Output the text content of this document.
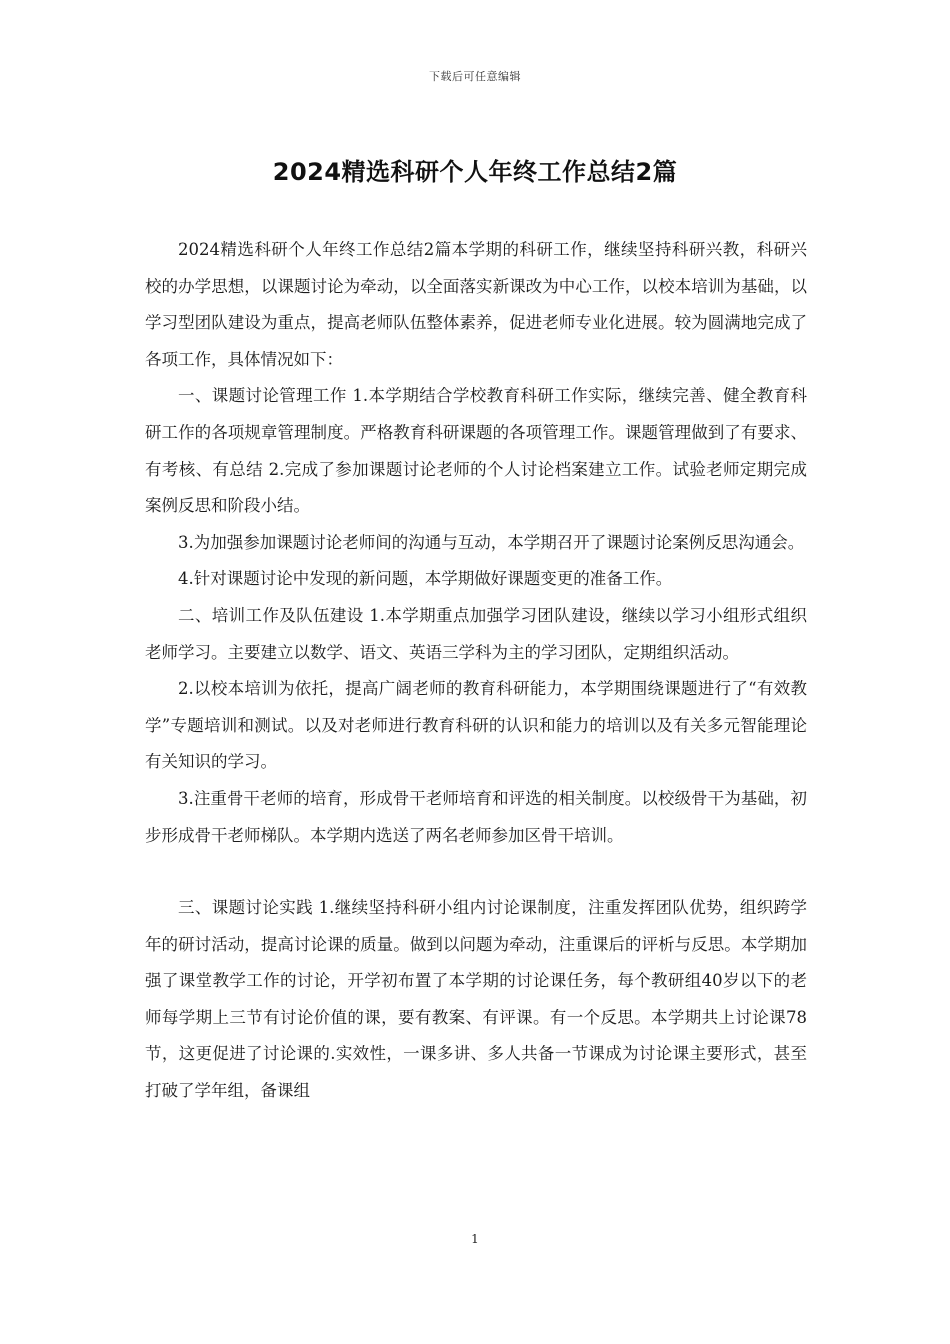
下载后可任意编辑
2024精选科研个人年终工作总结2篇

2024精选科研个人年终工作总结2篇本学期的科研工作，继续坚持科研兴教，科研兴校的办学思想，以课题讨论为牵动，以全面落实新课改为中心工作，以校本培训为基础，以学习型团队建设为重点，提高老师队伍整体素养，促进老师专业化进展。较为圆满地完成了各项工作，具体情况如下：

一、课题讨论管理工作 1.本学期结合学校教育科研工作实际，继续完善、健全教育科研工作的各项规章管理制度。严格教育科研课题的各项管理工作。课题管理做到了有要求、有考核、有总结 2.完成了参加课题讨论老师的个人讨论档案建立工作。试验老师定期完成案例反思和阶段小结。

3.为加强参加课题讨论老师间的沟通与互动，本学期召开了课题讨论案例反思沟通会。

4.针对课题讨论中发现的新问题，本学期做好课题变更的准备工作。

二、培训工作及队伍建设 1.本学期重点加强学习团队建设，继续以学习小组形式组织老师学习。主要建立以数学、语文、英语三学科为主的学习团队，定期组织活动。

2.以校本培训为依托，提高广阔老师的教育科研能力，本学期围绕课题进行了“有效教学”专题培训和测试。以及对老师进行教育科研的认识和能力的培训以及有关多元智能理论有关知识的学习。

3.注重骨干老师的培育，形成骨干老师培育和评选的相关制度。以校级骨干为基础，初步形成骨干老师梯队。本学期内选送了两名老师参加区骨干培训。

三、课题讨论实践 1.继续坚持科研小组内讨论课制度，注重发挥团队优势，组织跨学年的研讨活动，提高讨论课的质量。做到以问题为牵动，注重课后的评析与反思。本学期加强了课堂教学工作的讨论，开学初布置了本学期的讨论课任务，每个教研组40岁以下的老师每学期上三节有讨论价值的课，要有教案、有评课。有一个反思。本学期共上讨论课78节，这更促进了讨论课的.实效性，一课多讲、多人共备一节课成为讨论课主要形式，甚至打破了学年组，备课组

1
